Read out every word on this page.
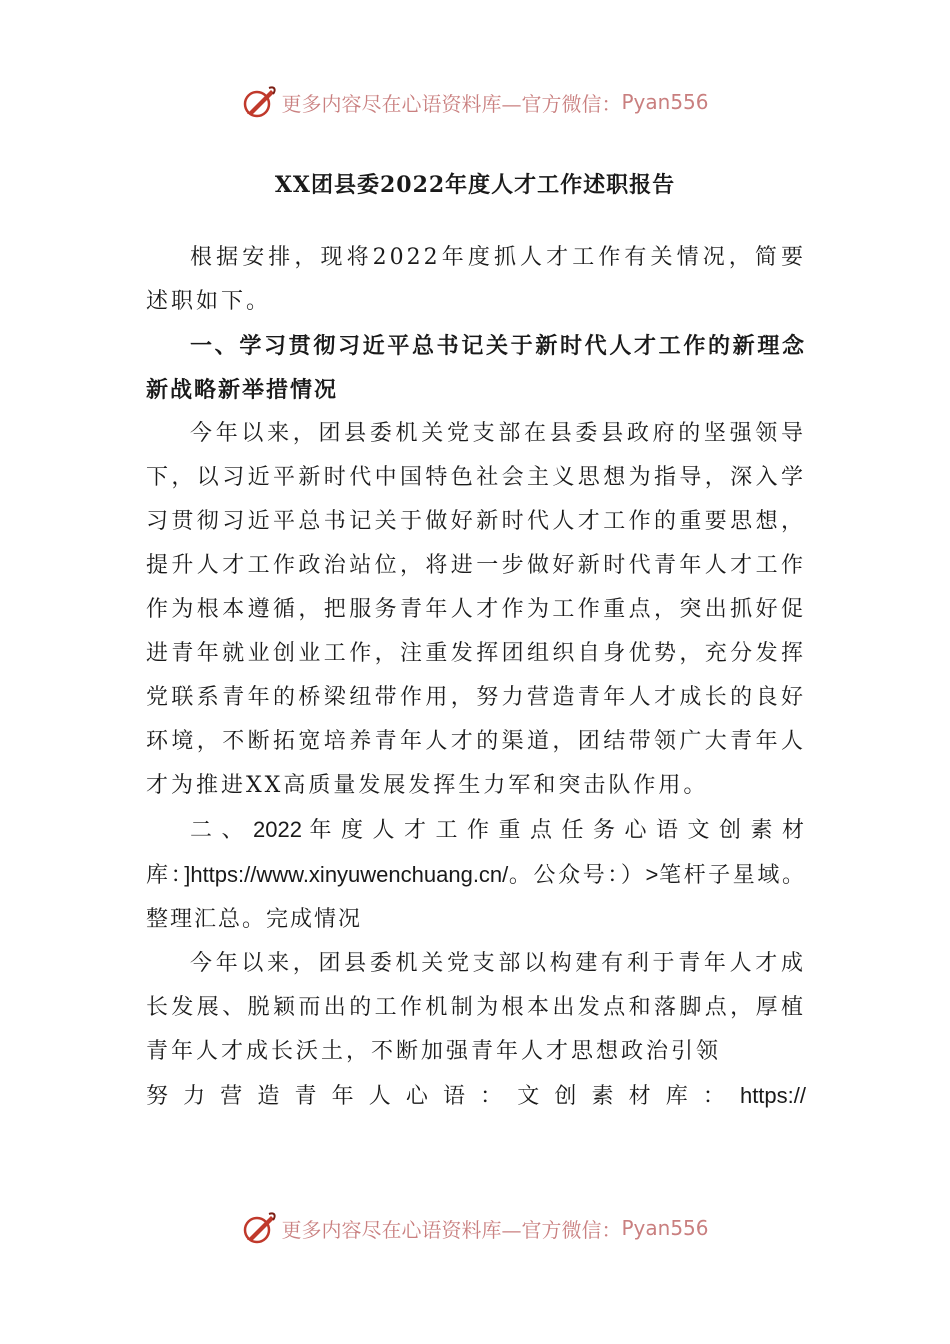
更多内容尽在心语资料库—官方微信： Pyan556
XX团县委2022年度人才工作述职报告

根据安排，现将2022年度抓人才工作有关情况，简要述职如下。

一、学习贯彻习近平总书记关于新时代人才工作的新理念新战略新举措情况

今年以来，团县委机关党支部在县委县政府的坚强领导下，以习近平新时代中国特色社会主义思想为指导，深入学习贯彻习近平总书记关于做好新时代人才工作的重要思想，提升人才工作政治站位，将进一步做好新时代青年人才工作作为根本遵循，把服务青年人才作为工作重点，突出抓好促进青年就业创业工作，注重发挥团组织自身优势，充分发挥党联系青年的桥梁纽带作用，努力营造青年人才成长的良好环境，不断拓宽培养青年人才的渠道，团结带领广大青年人才为推进XX高质量发展发挥生力军和突击队作用。

二、2022年度人才工作重点任务心语文创素材库：]https://www.xinyuwenchuang.cn/。公众号：）>笔杆子星域。整理汇总。完成情况

今年以来，团县委机关党支部以构建有利于青年人才成长发展、脱颖而出的工作机制为根本出发点和落脚点，厚植青年人才成长沃土，不断加强青年人才思想政治引领

努力营造青年人心语：文创素材库：https://

更多内容尽在心语资料库—官方微信： Pyan556
